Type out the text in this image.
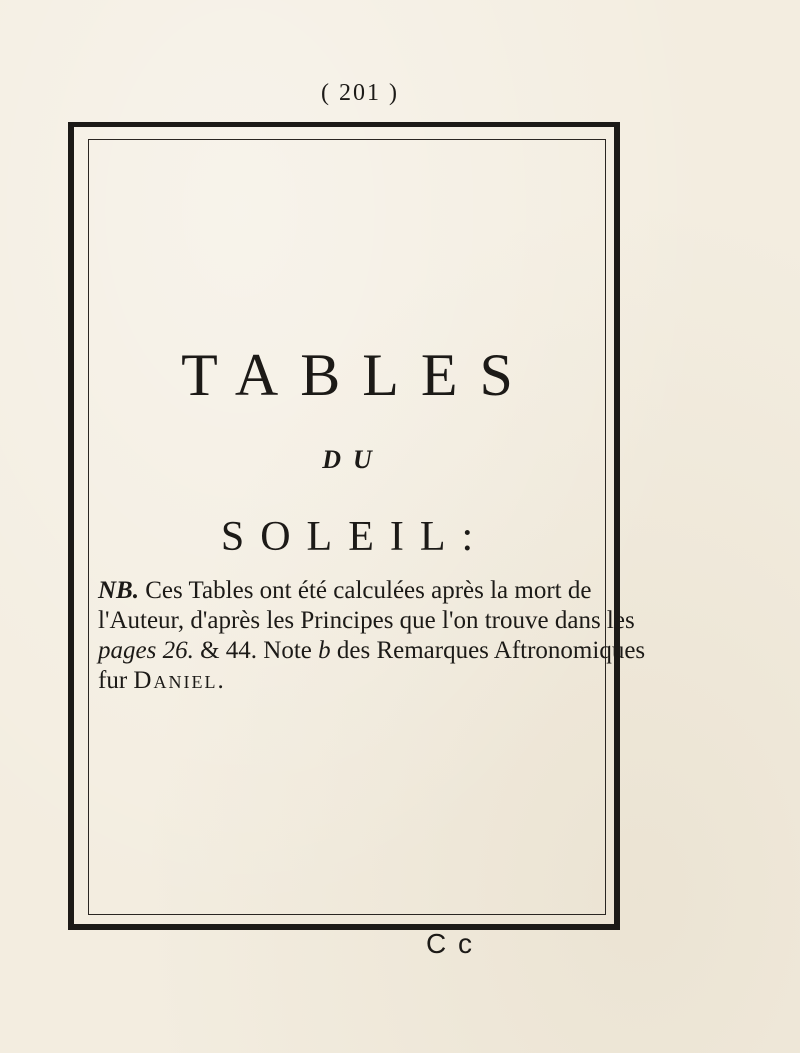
( 201 )
TABLES
DU
SOLEIL:

NB. Ces Tables ont été calculées après la mort de
l'Auteur, d'après les Principes que l'on trouve dans les
pages 26. & 44. Note b des Remarques Aftronomiques
fur Daniel.

C c
